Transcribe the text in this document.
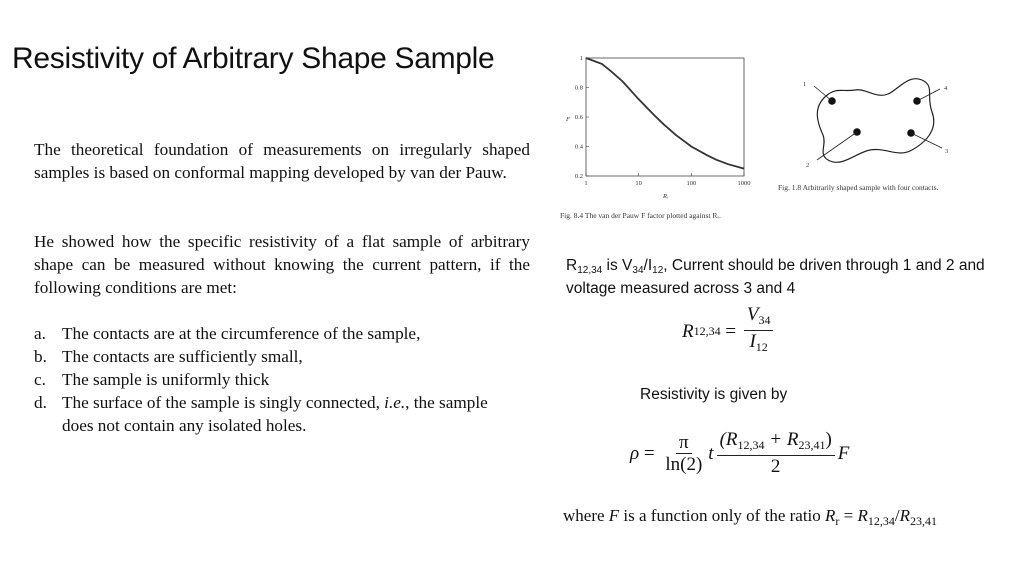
Resistivity of Arbitrary Shape Sample

The theoretical foundation of measurements on irregularly shaped samples is based on conformal mapping developed by van der Pauw.

He showed how the specific resistivity of a flat sample of arbitrary shape can be measured without knowing the current pattern, if the following conditions are met:

a. The contacts are at the circumference of the sample,
b. The contacts are sufficiently small,
c. The sample is uniformly thick
d. The surface of the sample is singly connected, i.e., the sample does not contain any isolated holes.
0.2
0.4
0.6
0.8
1
1	10	100	1000
F
Rᵣ
Fig. 8.4 The van der Pauw F factor plotted against Rᵣ.
1
2
3
4
Fig. 1.8 Arbitrarily shaped sample with four contacts.
$R_{12,34}$ is $V_{34}/I_{12}$, Current should be driven through 1 and 2 and voltage measured across 3 and 4
R $12,34 = \frac{V_{34}}{I_{12}}$
Resistivity is given by
$\rho = \frac{\pi}{\ln(2)}$ t $\frac{(R_{12,34} + R_{23,41})}{2}$ F
where F is a function only of the ratio $R_r = R_{12,34}/R_{23,41}$
